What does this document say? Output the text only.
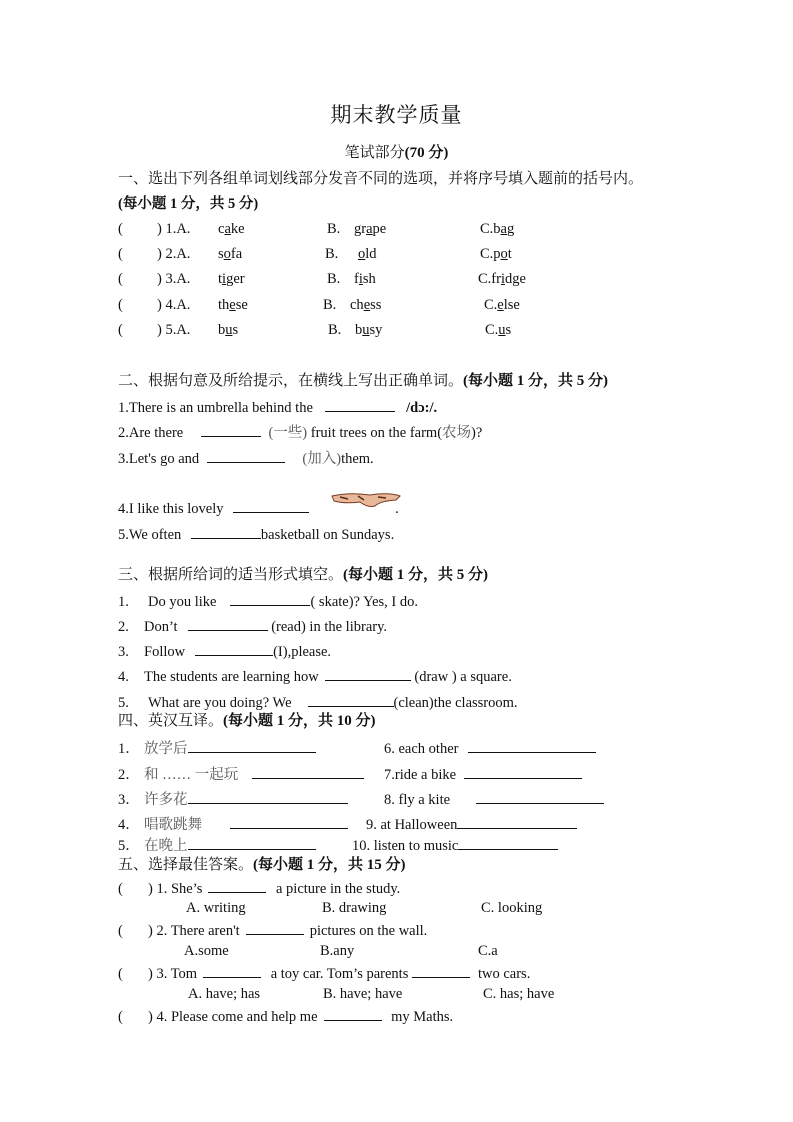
期末教学质量
笔试部分(70 分)
一、选出下列各组单词划线部分发音不同的选项，并将序号填入题前的括号内。
(每小题 1 分，共 5 分)
二、根据句意及所给提示，在横线上写出正确单词。(每小题 1 分，共 5 分)
1.There is an umbrella behind the	/dɔ:/.
2.Are there	(一些) fruit trees on the farm(农场)?
3.Let's go and	(加入)them.
4.I like this lovely	.
5.We often	basketball on Sundays.
三、根据所给词的适当形式填空。(每小题 1 分，共 5 分)
四、英汉互译。(每小题 1 分，共 10 分)
五、选择最佳答案。(每小题 1 分，共 15 分)
( ) 1.A. cake	B. grape	C.bag
( ) 2.A. sofa	B.	old	C.pot
( ) 3.A. tiger	B. fish	C.fridge
( ) 4.A. these	B. chess	C.else
( ) 5.A. bus	B. busy	C.us
1. Do you like	( skate)? Yes, I do.
2. Don’t	(read) in the library.
3. Follow	(I),please.
4. The students are learning how	(draw ) a square.
5. What are you doing? We	(clean)the classroom.
1． 放学后	6. each other
2． 和 …… 一起玩	7.ride a bike
3． 许多花	8. fly a kite
4． 唱歌跳舞	9. at Halloween
5． 在晚上	10. listen to music
( ) 1. She’s	a picture in the study.
A. writing	B. drawing	C. looking
( ) 2. There aren't	pictures on the wall.
A.some	B.any	C.a
( ) 3. Tom	a toy car. Tom’s parents	two cars.
A. have; has	B. have; have	C. has; have
( ) 4. Please come and help me	my Maths.
